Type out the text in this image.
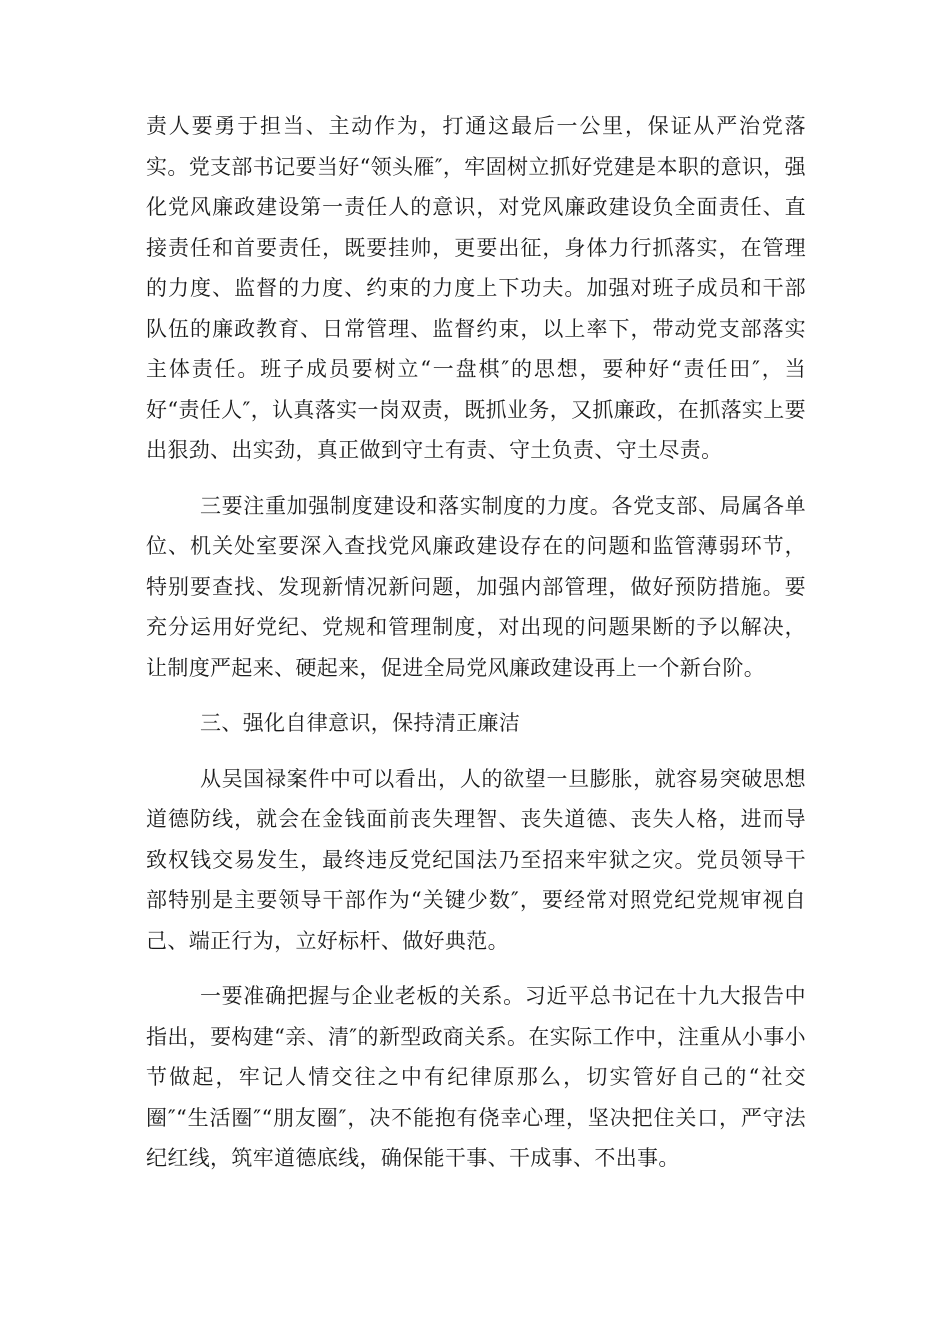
责人要勇于担当、主动作为，打通这最后一公里，保证从严治党落实。党支部书记要当好“领头雁″，牢固树立抓好党建是本职的意识，强化党风廉政建设第一责任人的意识，对党风廉政建设负全面责任、直接责任和首要责任，既要挂帅，更要出征，身体力行抓落实，在管理的力度、监督的力度、约束的力度上下功夫。加强对班子成员和干部队伍的廉政教育、日常管理、监督约束，以上率下，带动党支部落实主体责任。班子成员要树立“一盘棋″的思想，要种好“责任田″，当好“责任人″，认真落实一岗双责，既抓业务，又抓廉政，在抓落实上要出狠劲、出实劲，真正做到守土有责、守土负责、守土尽责。

三要注重加强制度建设和落实制度的力度。各党支部、局属各单位、机关处室要深入查找党风廉政建设存在的问题和监管薄弱环节，特别要查找、发现新情况新问题，加强内部管理，做好预防措施。要充分运用好党纪、党规和管理制度，对出现的问题果断的予以解决，让制度严起来、硬起来，促进全局党风廉政建设再上一个新台阶。

三、强化自律意识，保持清正廉洁

从吴国禄案件中可以看出，人的欲望一旦膨胀，就容易突破思想道德防线，就会在金钱面前丧失理智、丧失道德、丧失人格，进而导致权钱交易发生，最终违反党纪国法乃至招来牢狱之灾。党员领导干部特别是主要领导干部作为“关键少数″，要经常对照党纪党规审视自己、端正行为，立好标杆、做好典范。

一要准确把握与企业老板的关系。习近平总书记在十九大报告中指出，要构建“亲、清″的新型政商关系。在实际工作中，注重从小事小节做起，牢记人情交往之中有纪律原那么，切实管好自己的“社交圈″“生活圈″“朋友圈″，决不能抱有侥幸心理，坚决把住关口，严守法纪红线，筑牢道德底线，确保能干事、干成事、不出事。
